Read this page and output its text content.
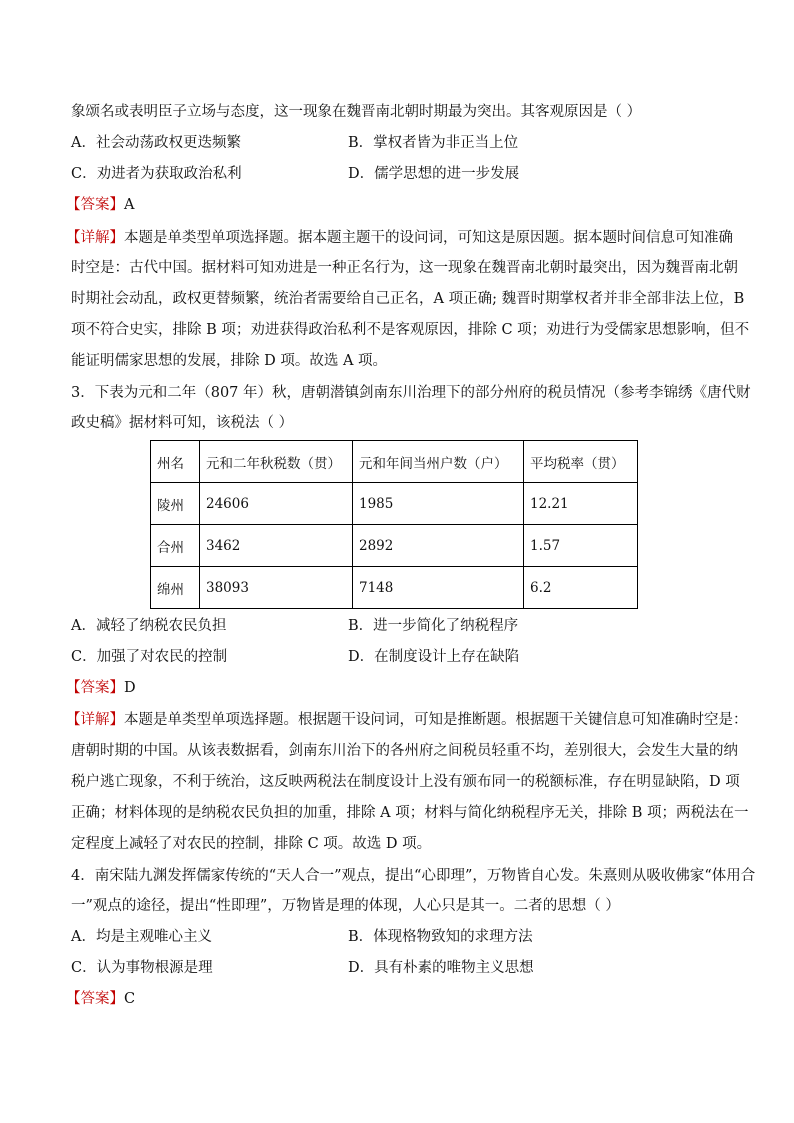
象颂名或表明臣子立场与态度，这一现象在魏晋南北朝时期最为突出。其客观原因是（ ）
A．社会动荡政权更迭频繁	B．掌权者皆为非正当上位
C．劝进者为获取政治私利	D．儒学思想的进一步发展
【答案】A
【详解】本题是单类型单项选择题。据本题主题干的设问词，可知这是原因题。据本题时间信息可知准确
时空是：古代中国。据材料可知劝进是一种正名行为，这一现象在魏晋南北朝时最突出，因为魏晋南北朝
时期社会动乱，政权更替频繁，统治者需要给自己正名，A 项正确; 魏晋时期掌权者并非全部非法上位，B
项不符合史实，排除 B 项；劝进获得政治私利不是客观原因，排除 C 项；劝进行为受儒家思想影响，但不
能证明儒家思想的发展，排除 D 项。故选 A 项。
3．下表为元和二年（807 年）秋，唐朝潜镇剑南东川治理下的部分州府的税员情况（参考李锦绣《唐代财
政史稿》据材料可知，该税法（ ）
州名	元和二年秋税数（贯）	元和年间当州户数（户）	平均税率（贯）
陵州	24606	1985	12.21
合州	3462	2892	1.57
绵州	38093	7148	6.2
A．减轻了纳税农民负担	B．进一步简化了纳税程序
C．加强了对农民的控制	D．在制度设计上存在缺陷
【答案】D
【详解】本题是单类型单项选择题。根据题干设问词，可知是推断题。根据题干关键信息可知准确时空是：
唐朝时期的中国。从该表数据看，剑南东川治下的各州府之间税员轻重不均，差别很大，会发生大量的纳
税户逃亡现象，不利于统治，这反映两税法在制度设计上没有颁布同一的税额标准，存在明显缺陷，D 项
正确；材料体现的是纳税农民负担的加重，排除 A 项；材料与简化纳税程序无关，排除 B 项；两税法在一
定程度上减轻了对农民的控制，排除 C 项。故选 D 项。
4．南宋陆九渊发挥儒家传统的“天人合一”观点，提出“心即理”，万物皆自心发。朱熹则从吸收佛家“体用合
一”观点的途径，提出“性即理”，万物皆是理的体现，人心只是其一。二者的思想（ ）
A．均是主观唯心主义	B．体现格物致知的求理方法
C．认为事物根源是理	D．具有朴素的唯物主义思想
【答案】C
